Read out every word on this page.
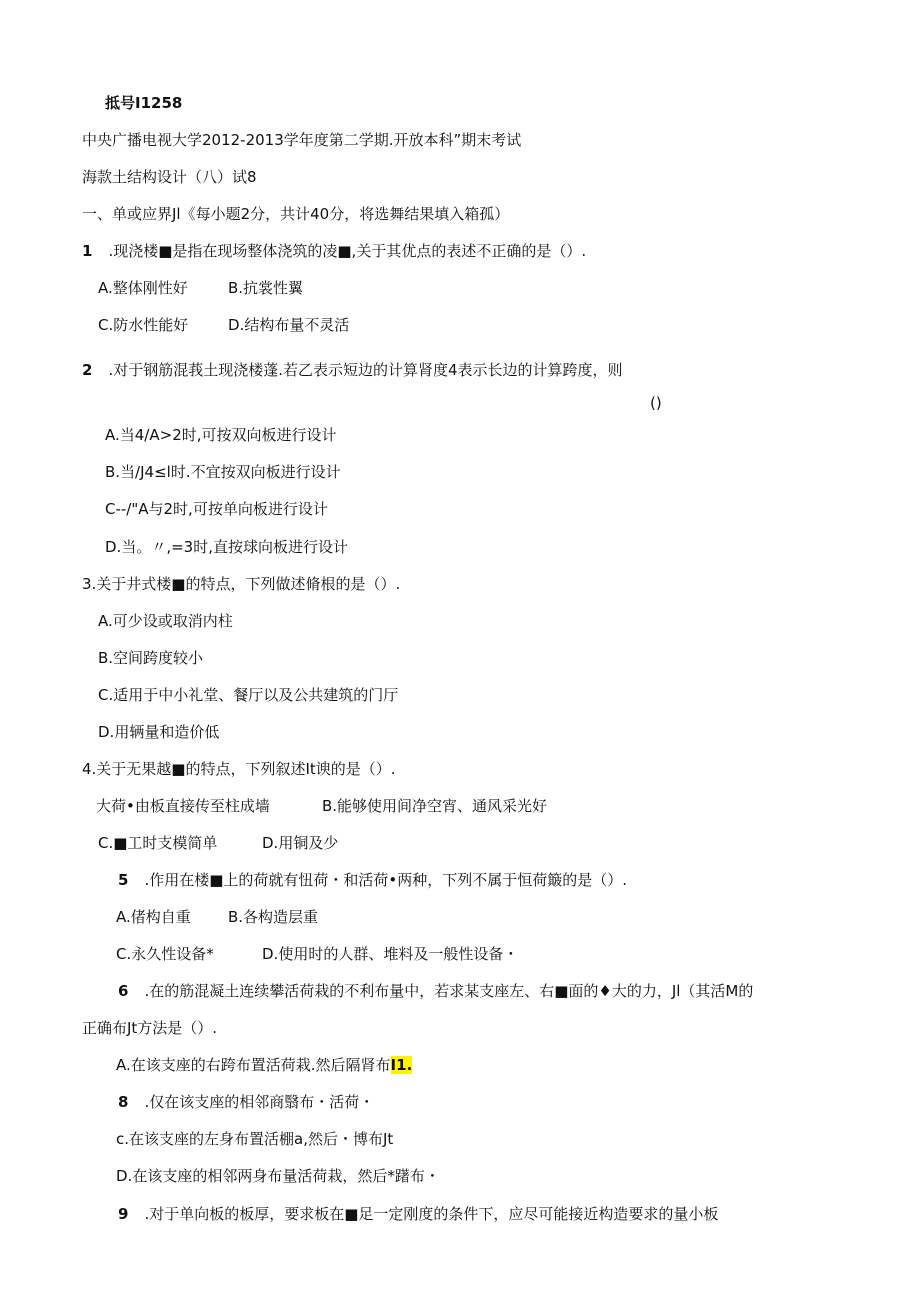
抵号I1258
中央广播电视大学2012-2013学年度第二学期.开放本科”期末考试
海款土结构设计（八）试8
一、单或应界Jl《每小题2分，共计40分，将选舞结果填入箱孤）
1 .现浇楼■是指在现场整体浇筑的凌■,关于其优点的表述不正确的是（）.
A.整体刚性好	B.抗裳性翼
C.防水性能好	D.结构布量不灵活
2 .对于钢筋混莪土现浇楼蓬.若乙表示短边的计算肾度4表示长边的计算跨度，则
()
A.当4/A>2时,可按双向板进行设计
B.当/J4≤l时.不宜按双向板进行设计
C--/"A与2时,可按单向板进行设计
D.当。〃,=3时,直按球向板进行设计
3.关于井式楼■的特点，下列做述脩根的是（）.
A.可少设或取消内柱
B.空间跨度较小
C.适用于中小礼堂、餐厅以及公共建筑的门厅
D.用辆量和造价低
4.关于无果越■的特点，下列叙述It谀的是（）.
大荷•由板直接传至柱成墙	B.能够使用间净空宵、通风采光好
C.■工时支模简单	D.用铜及少
5 .作用在楼■上的荷就有忸荷・和活荷•两种，下列不属于恒荷簸的是（）.
A.偖构自重 B.各构造层重
C.永久性设备*	D.使用时的人群、堆料及一般性设备・
6 .在的筋混凝土连续攀活荷栽的不利布量中，若求某支座左、右■面的♦大的力，Jl（其活M的
正确布Jt方法是（）.
A.在该支座的右跨布置活荷栽.然后隔肾布I1.
8 .仅在该支座的相邻商翳布・活荷・
c.在该支座的左身布置活棚a,然后・博布Jt
D.在该支座的相邻两身布量活荷栽，然后*躇布・
9 .对于单向板的板厚，要求板在■足一定刚度的条件下，应尽可能接近构造要求的量小板
